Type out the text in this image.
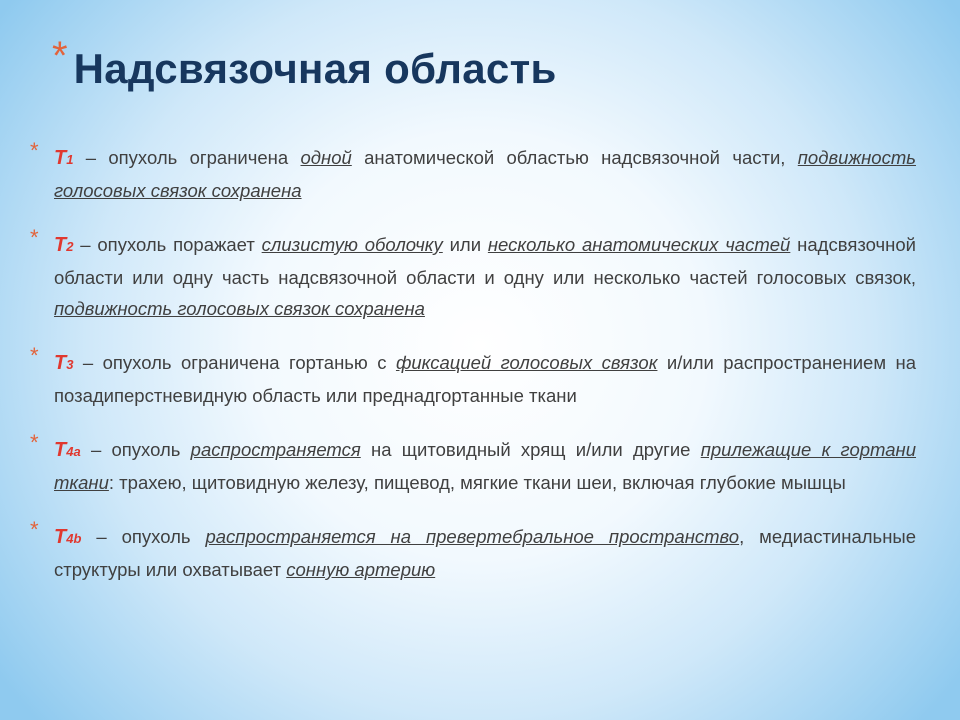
* Надсвязочная область
* T1 – опухоль ограничена одной анатомической областью надсвязочной части, подвижность голосовых связок сохранена
* T2 – опухоль поражает слизистую оболочку или несколько анатомических частей надсвязочной области или одну часть надсвязочной области и одну или несколько частей голосовых связок, подвижность голосовых связок сохранена
* T3 – опухоль ограничена гортанью с фиксацией голосовых связок и/или распространением на позадиперстневидную область или преднадгортанные ткани
* T4a – опухоль распространяется на щитовидный хрящ и/или другие прилежащие к гортани ткани: трахею, щитовидную железу, пищевод, мягкие ткани шеи, включая глубокие мышцы
* T4b – опухоль распространяется на превертебральное пространство, медиастинальные структуры или охватывает сонную артерию
